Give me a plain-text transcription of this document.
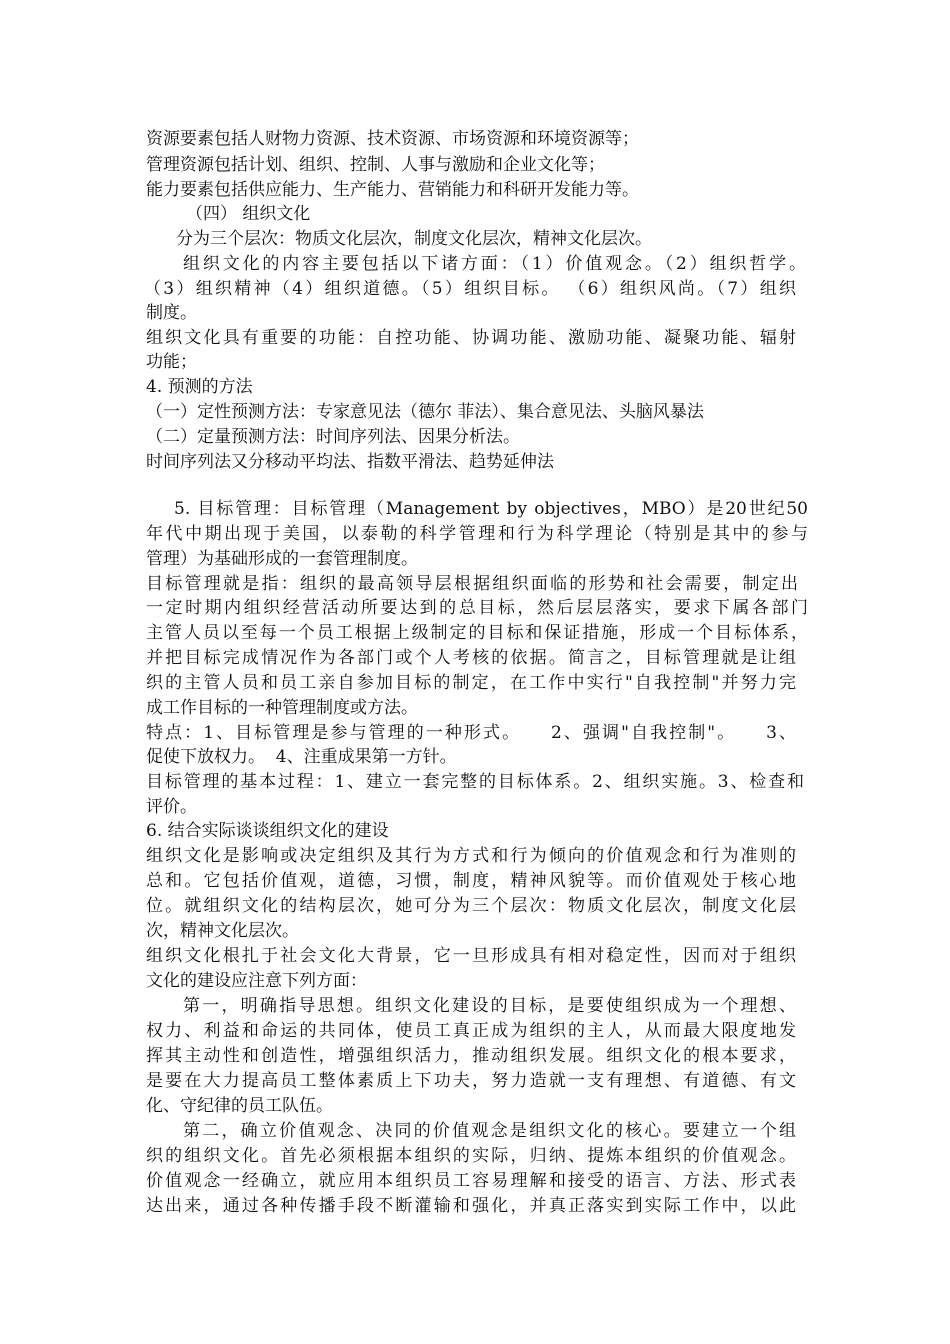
资源要素包括人财物力资源、技术资源、市场资源和环境资源等；
管理资源包括计划、组织、控制、人事与激励和企业文化等；
能力要素包括供应能力、生产能力、营销能力和科研开发能力等。
（四） 组织文化
分为三个层次：物质文化层次，制度文化层次，精神文化层次。
组织文化的内容主要包括以下诸方面：（1）价值观念。（2）组织哲学。
（3）组织精神（4）组织道德。（5）组织目标。 （6）组织风尚。（7）组织
制度。
组织文化具有重要的功能：自控功能、协调功能、激励功能、凝聚功能、辐射
功能；
4. 预测的方法
（一）定性预测方法：专家意见法（德尔 菲法）、集合意见法、头脑风暴法
（二）定量预测方法：时间序列法、因果分析法。
时间序列法又分移动平均法、指数平滑法、趋势延伸法
5. 目标管理：目标管理（Management by objectives，MBO）是20世纪50
年代中期出现于美国，以泰勒的科学管理和行为科学理论（特别是其中的参与
管理）为基础形成的一套管理制度。
目标管理就是指：组织的最高领导层根据组织面临的形势和社会需要，制定出
一定时期内组织经营活动所要达到的总目标，然后层层落实，要求下属各部门
主管人员以至每一个员工根据上级制定的目标和保证措施，形成一个目标体系，
并把目标完成情况作为各部门或个人考核的依据。简言之，目标管理就是让组
织的主管人员和员工亲自参加目标的制定，在工作中实行"自我控制"并努力完
成工作目标的一种管理制度或方法。
特点：1、目标管理是参与管理的一种形式。    2、强调"自我控制"。    3、
促使下放权力。  4、注重成果第一方针。
目标管理的基本过程：1、建立一套完整的目标体系。2、组织实施。3、检查和
评价。
6. 结合实际谈谈组织文化的建设
组织文化是影响或决定组织及其行为方式和行为倾向的价值观念和行为准则的
总和。它包括价值观，道德，习惯，制度，精神风貌等。而价值观处于核心地
位。就组织文化的结构层次，她可分为三个层次：物质文化层次，制度文化层
次，精神文化层次。
组织文化根扎于社会文化大背景，它一旦形成具有相对稳定性，因而对于组织
文化的建设应注意下列方面：
第一，明确指导思想。组织文化建设的目标，是要使组织成为一个理想、
权力、利益和命运的共同体，使员工真正成为组织的主人，从而最大限度地发
挥其主动性和创造性，增强组织活力，推动组织发展。组织文化的根本要求，
是要在大力提高员工整体素质上下功夫，努力造就一支有理想、有道德、有文
化、守纪律的员工队伍。
第二，确立价值观念、决同的价值观念是组织文化的核心。要建立一个组
织的组织文化。首先必须根据本组织的实际，归纳、提炼本组织的价值观念。
价值观念一经确立，就应用本组织员工容易理解和接受的语言、方法、形式表
达出来，通过各种传播手段不断灌输和强化，并真正落实到实际工作中，以此
